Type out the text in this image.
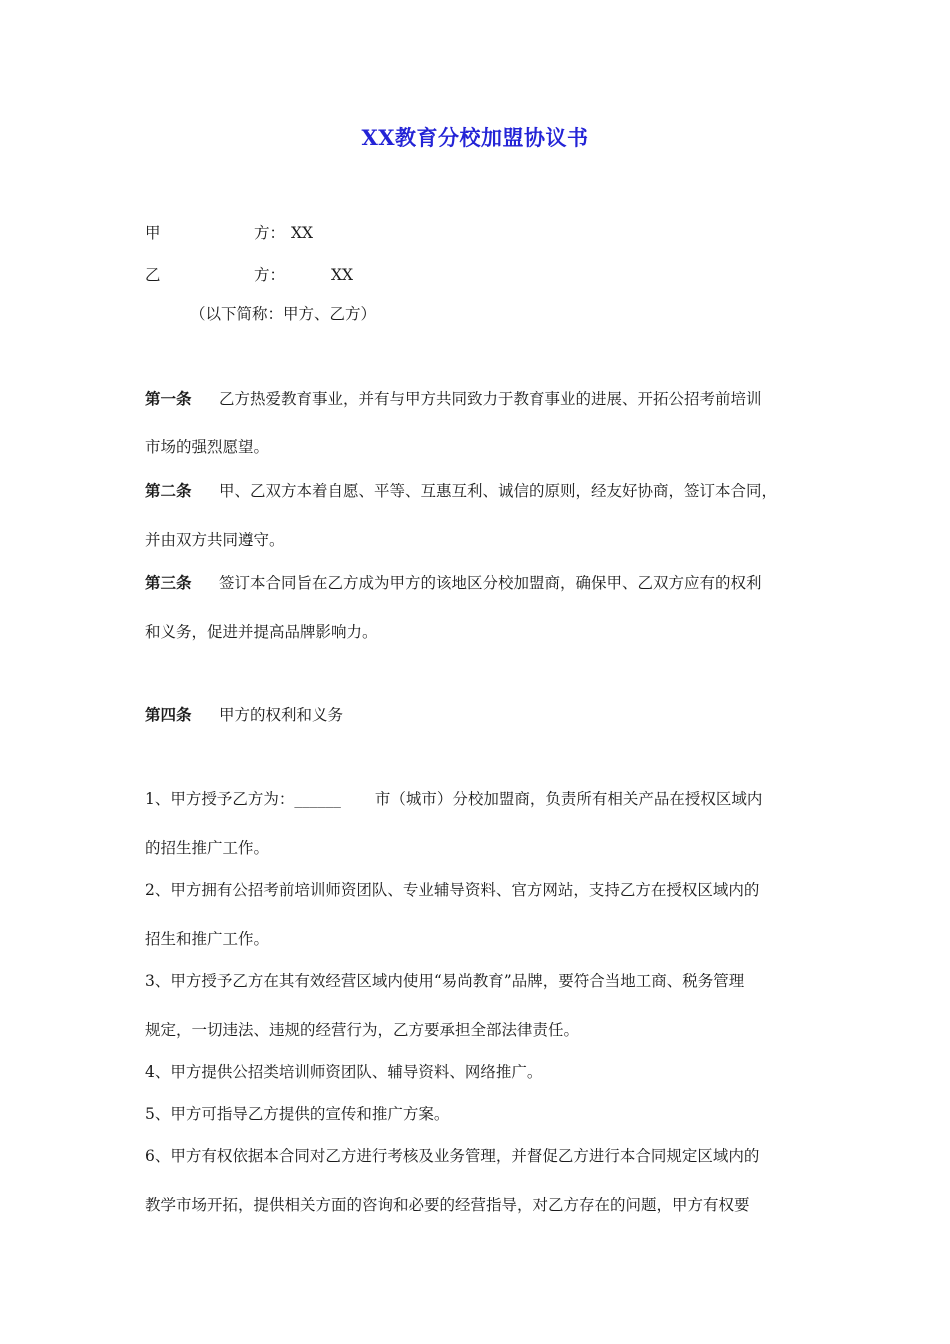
XX教育分校加盟协议书
甲	方： XX
乙	方：	XX
（以下简称：甲方、乙方）
第一条 乙方热爱教育事业，并有与甲方共同致力于教育事业的进展、开拓公招考前培训
市场的强烈愿望。
第二条 甲、乙双方本着自愿、平等、互惠互利、诚信的原则，经友好协商，签订本合同，
并由双方共同遵守。
第三条 签订本合同旨在乙方成为甲方的该地区分校加盟商，确保甲、乙双方应有的权利
和义务，促进并提高品牌影响力。
第四条 甲方的权利和义务
1、甲方授予乙方为：______ 市（城市）分校加盟商，负责所有相关产品在授权区域内
的招生推广工作。
2、甲方拥有公招考前培训师资团队、专业辅导资料、官方网站，支持乙方在授权区域内的
招生和推广工作。
3、甲方授予乙方在其有效经营区域内使用“易尚教育”品牌，要符合当地工商、税务管理
规定，一切违法、违规的经营行为，乙方要承担全部法律责任。
4、甲方提供公招类培训师资团队、辅导资料、网络推广。
5、甲方可指导乙方提供的宣传和推广方案。
6、甲方有权依据本合同对乙方进行考核及业务管理，并督促乙方进行本合同规定区域内的
教学市场开拓，提供相关方面的咨询和必要的经营指导，对乙方存在的问题，甲方有权要
